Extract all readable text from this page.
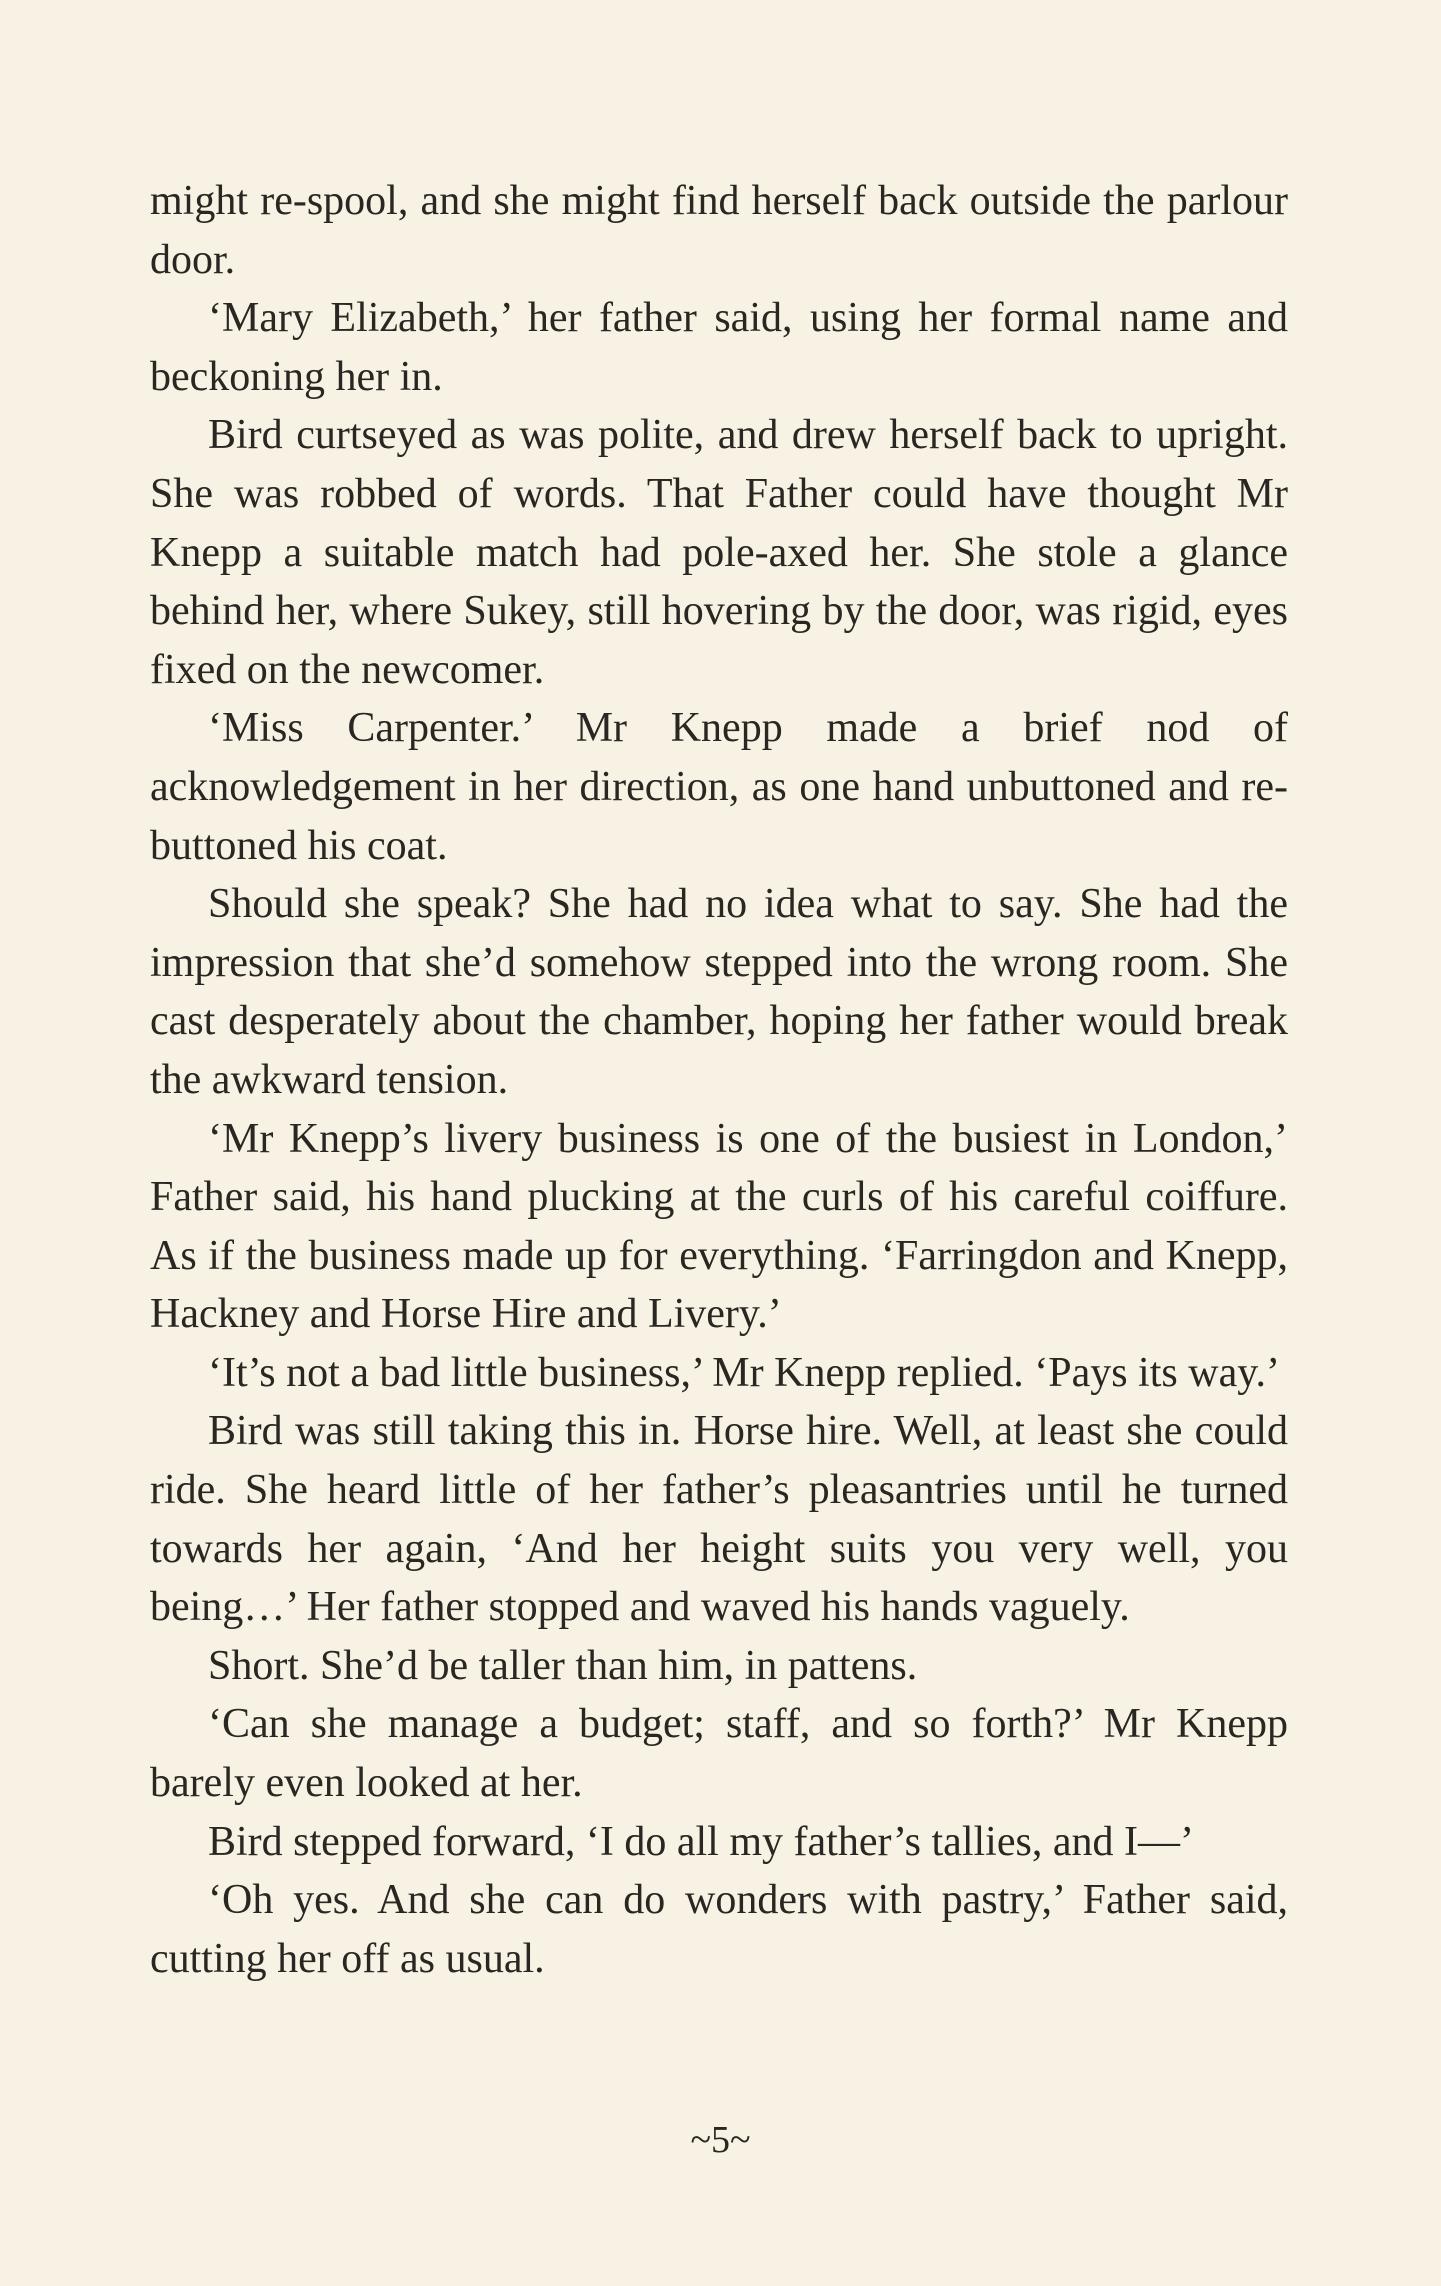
might re-spool, and she might find herself back outside the parlour door.

‘Mary Elizabeth,’ her father said, using her formal name and beckoning her in.

Bird curtseyed as was polite, and drew herself back to upright. She was robbed of words. That Father could have thought Mr Knepp a suitable match had pole-axed her. She stole a glance behind her, where Sukey, still hovering by the door, was rigid, eyes fixed on the newcomer.

‘Miss Carpenter.’ Mr Knepp made a brief nod of acknowledgement in her direction, as one hand unbuttoned and re-buttoned his coat.

Should she speak? She had no idea what to say. She had the impression that she’d somehow stepped into the wrong room. She cast desperately about the chamber, hoping her father would break the awkward tension.

‘Mr Knepp’s livery business is one of the busiest in London,’ Father said, his hand plucking at the curls of his careful coiffure. As if the business made up for everything. ‘Farringdon and Knepp, Hackney and Horse Hire and Livery.’

‘It’s not a bad little business,’ Mr Knepp replied. ‘Pays its way.’

Bird was still taking this in. Horse hire. Well, at least she could ride. She heard little of her father’s pleasantries until he turned towards her again, ‘And her height suits you very well, you being…’ Her father stopped and waved his hands vaguely.

Short. She’d be taller than him, in pattens.

‘Can she manage a budget; staff, and so forth?’ Mr Knepp barely even looked at her.

Bird stepped forward, ‘I do all my father’s tallies, and I—’

‘Oh yes. And she can do wonders with pastry,’ Father said, cutting her off as usual.

~5~
